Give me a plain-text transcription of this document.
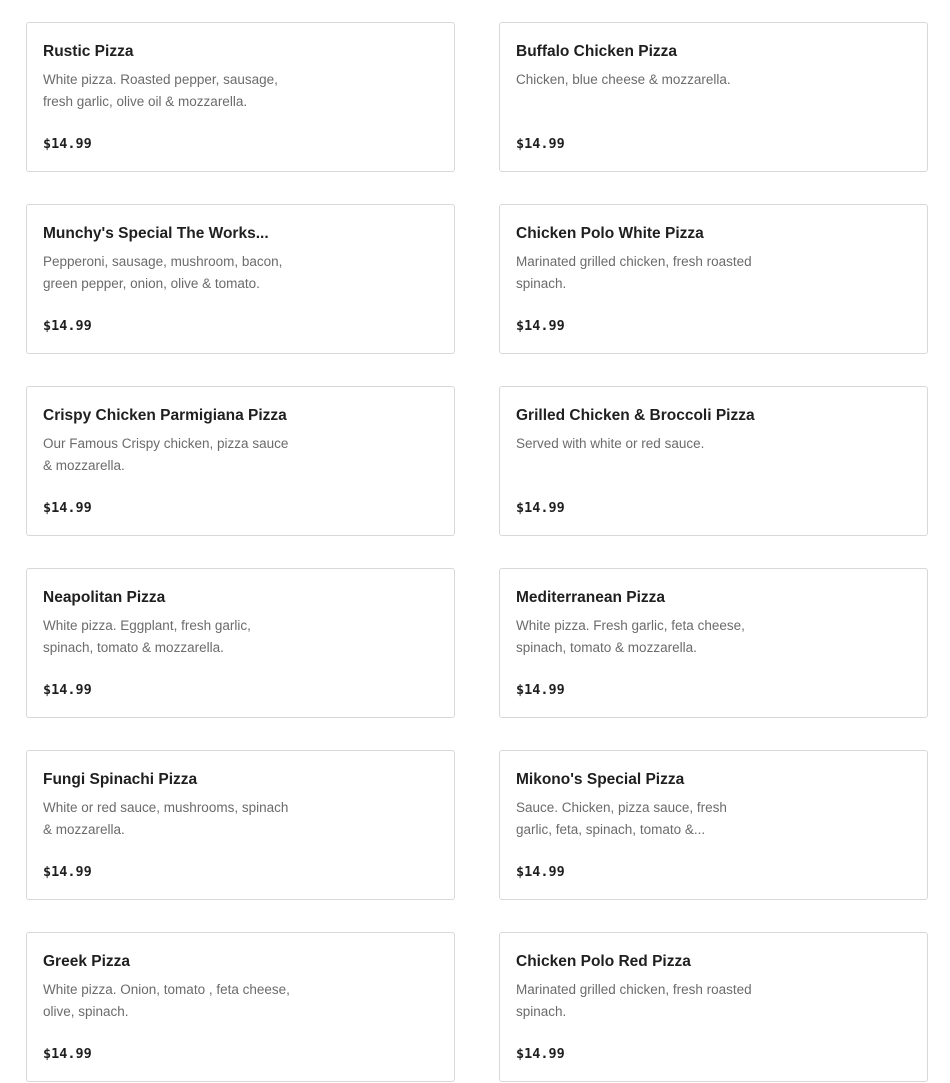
Rustic Pizza
White pizza. Roasted pepper, sausage, fresh garlic, olive oil & mozzarella.
$14.99
Buffalo Chicken Pizza
Chicken, blue cheese & mozzarella.
$14.99
Munchy's Special The Works...
Pepperoni, sausage, mushroom, bacon, green pepper, onion, olive & tomato.
$14.99
Chicken Polo White Pizza
Marinated grilled chicken, fresh roasted spinach.
$14.99
Crispy Chicken Parmigiana Pizza
Our Famous Crispy chicken, pizza sauce & mozzarella.
$14.99
Grilled Chicken & Broccoli Pizza
Served with white or red sauce.
$14.99
Neapolitan Pizza
White pizza. Eggplant, fresh garlic, spinach, tomato & mozzarella.
$14.99
Mediterranean Pizza
White pizza. Fresh garlic, feta cheese, spinach, tomato & mozzarella.
$14.99
Fungi Spinachi Pizza
White or red sauce, mushrooms, spinach & mozzarella.
$14.99
Mikono's Special Pizza
Sauce. Chicken, pizza sauce, fresh garlic, feta, spinach, tomato &...
$14.99
Greek Pizza
White pizza. Onion, tomato , feta cheese, olive, spinach.
$14.99
Chicken Polo Red Pizza
Marinated grilled chicken, fresh roasted spinach.
$14.99
